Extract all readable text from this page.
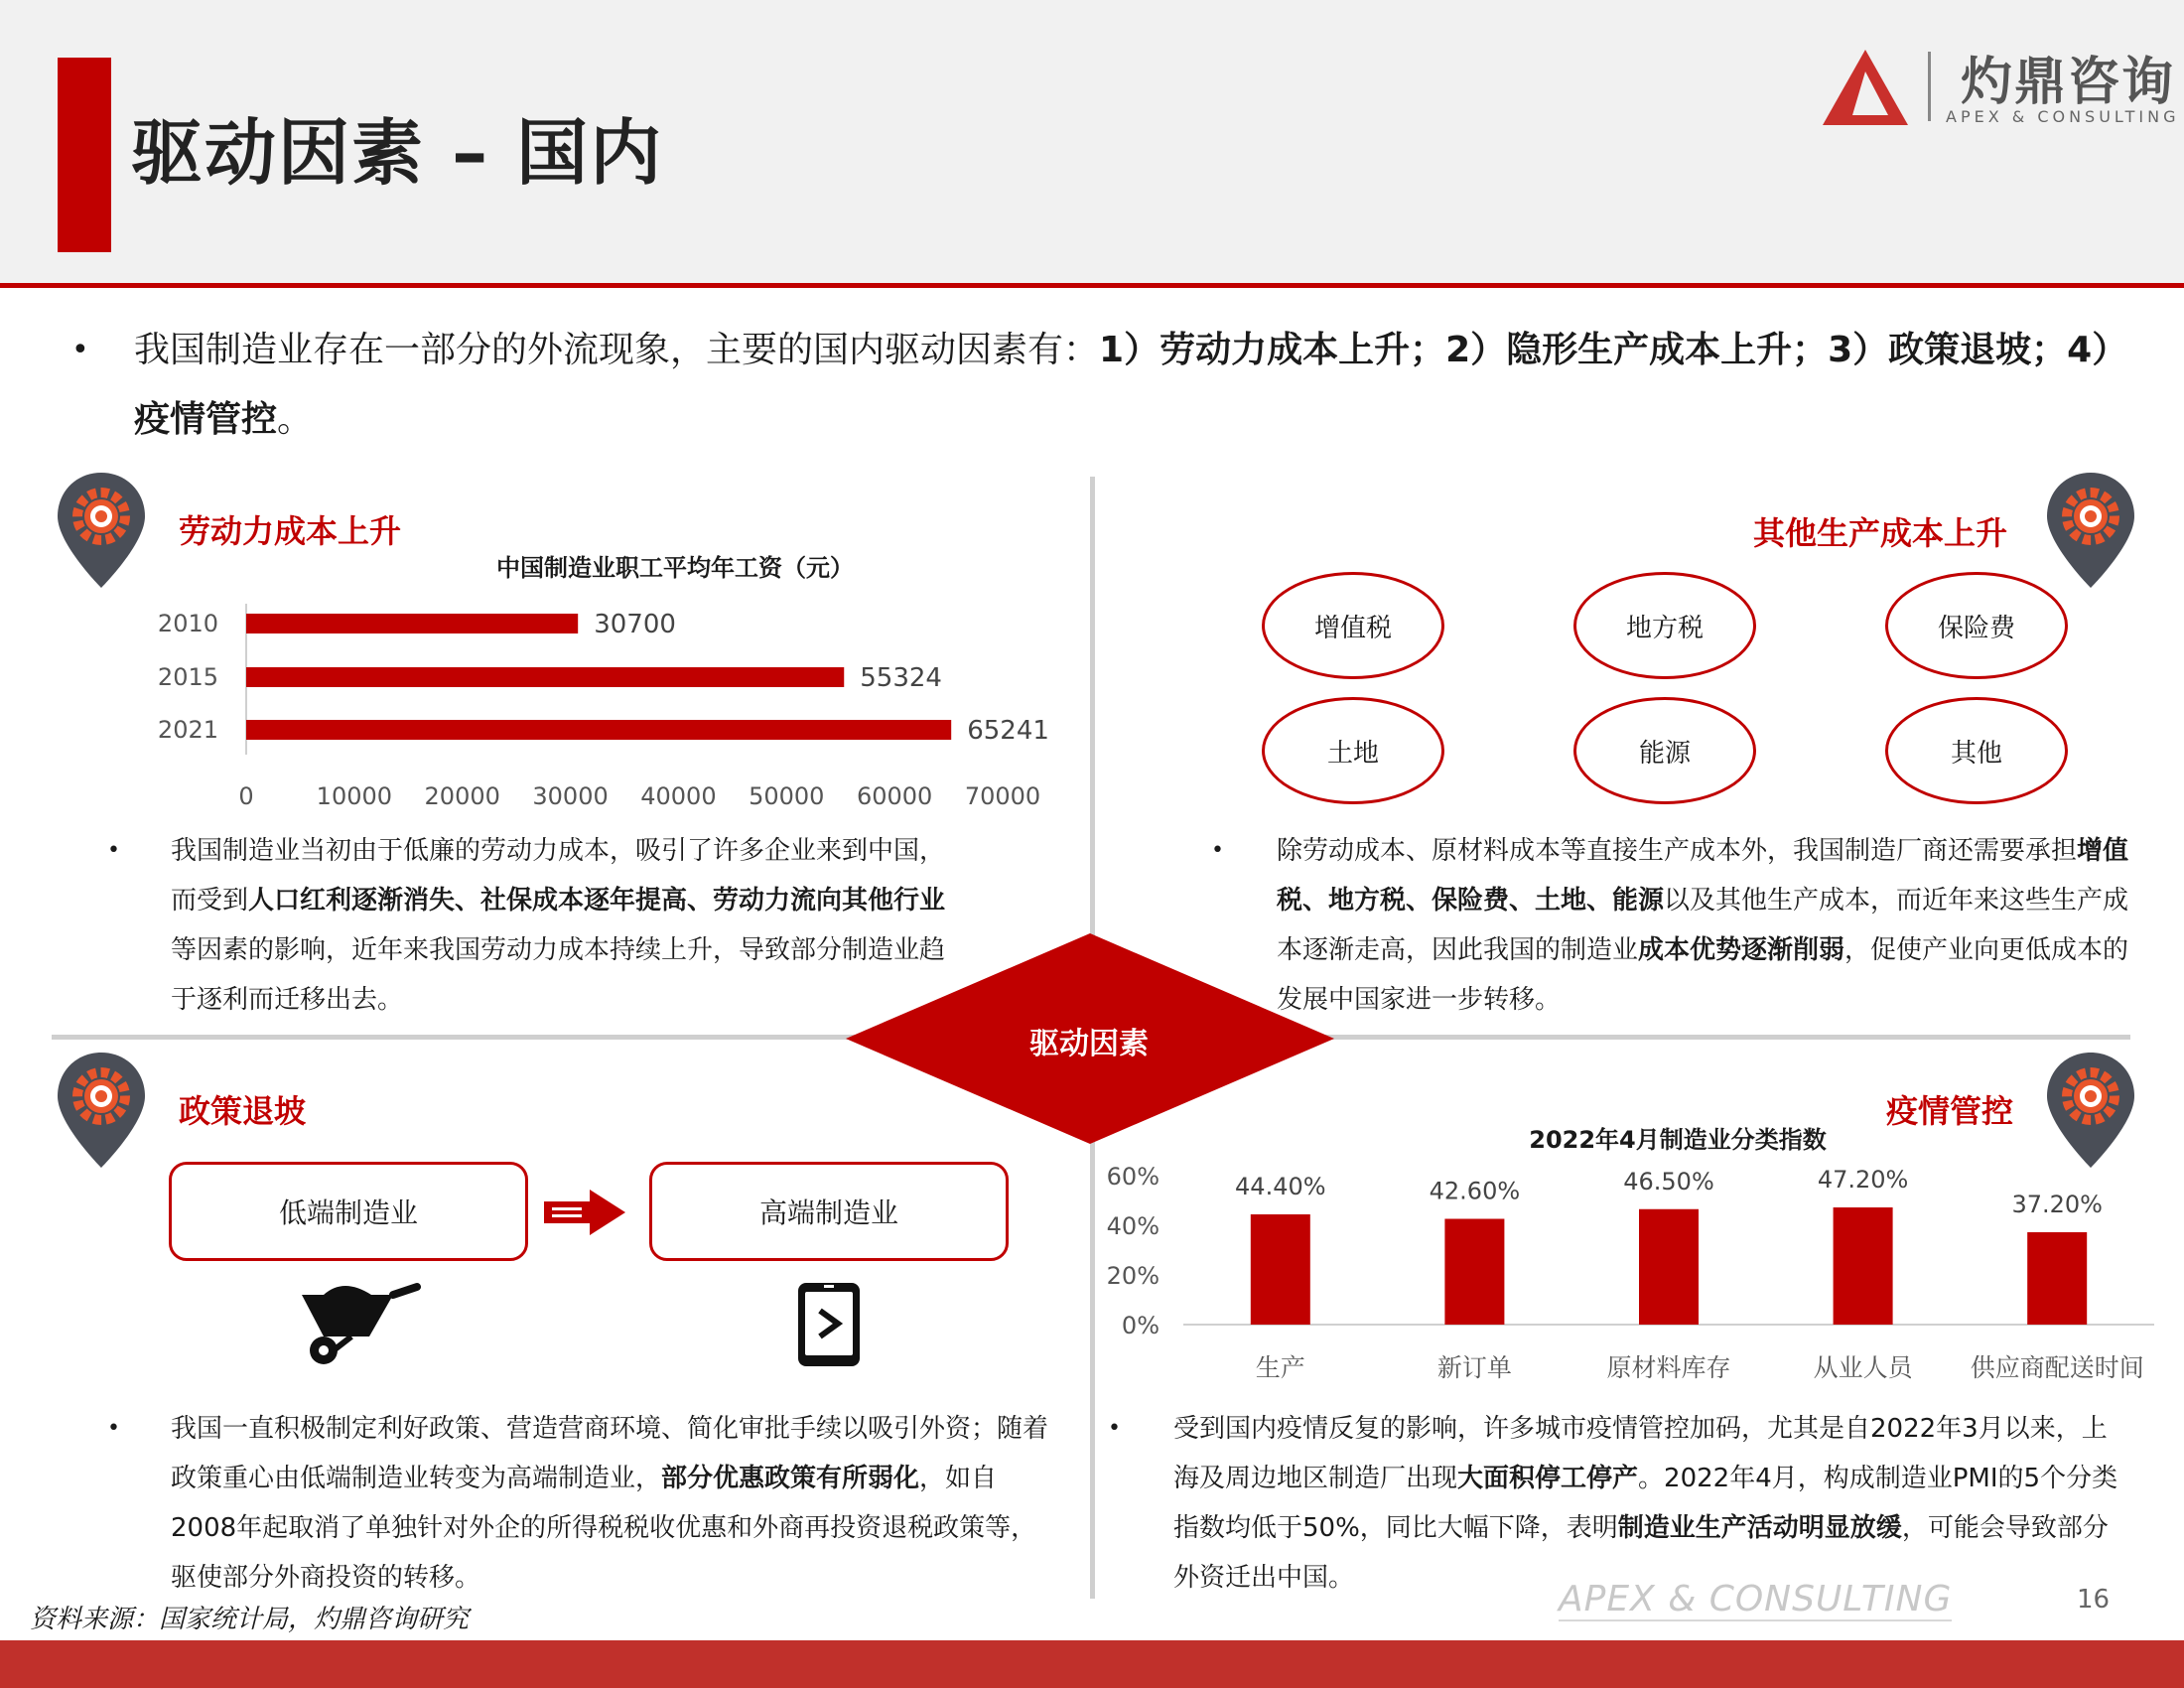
驱动因素 – 国内
灼鼎咨询
APEX & CONSULTING
• 我国制造业存在一部分的外流现象，主要的国内驱动因素有：1）劳动力成本上升；2）隐形生产成本上升；3）政策退坡；4）疫情管控。
驱动因素
劳动力成本上升
中国制造业职工平均年工资（元）
2010	30700
2015	55324
2021	65241
0	10000 20000 30000 40000 50000 60000 70000
• 我国制造业当初由于低廉的劳动力成本，吸引了许多企业来到中国，而受到人口红利逐渐消失、社保成本逐年提高、劳动力流向其他行业等因素的影响，近年来我国劳动力成本持续上升，导致部分制造业趋于逐利而迁移出去。
其他生产成本上升
增值税	地方税	保险费
土地	能源	其他
• 除劳动成本、原材料成本等直接生产成本外，我国制造厂商还需要承担增值税、地方税、保险费、土地、能源以及其他生产成本，而近年来这些生产成本逐渐走高，因此我国的制造业成本优势逐渐削弱，促使产业向更低成本的发展中国家进一步转移。
政策退坡
低端制造业	高端制造业
• 我国一直积极制定利好政策、营造营商环境、简化审批手续以吸引外资；随着政策重心由低端制造业转变为高端制造业，部分优惠政策有所弱化，如自2008年起取消了单独针对外企的所得税税收优惠和外商再投资退税政策等，驱使部分外商投资的转移。
疫情管控
2022年4月制造业分类指数
0%
20%
40%
60%	44.40%
生产
42.60%
新订单
46.50%
原材料库存
47.20%
从业人员
37.20%
供应商配送时间
• 受到国内疫情反复的影响，许多城市疫情管控加码，尤其是自2022年3月以来，上海及周边地区制造厂出现大面积停工停产。2022年4月，构成制造业PMI的5个分类指数均低于50%，同比大幅下降，表明制造业生产活动明显放缓，可能会导致部分外资迁出中国。
资料来源：国家统计局，灼鼎咨询研究	APEX & CONSULTING	16
